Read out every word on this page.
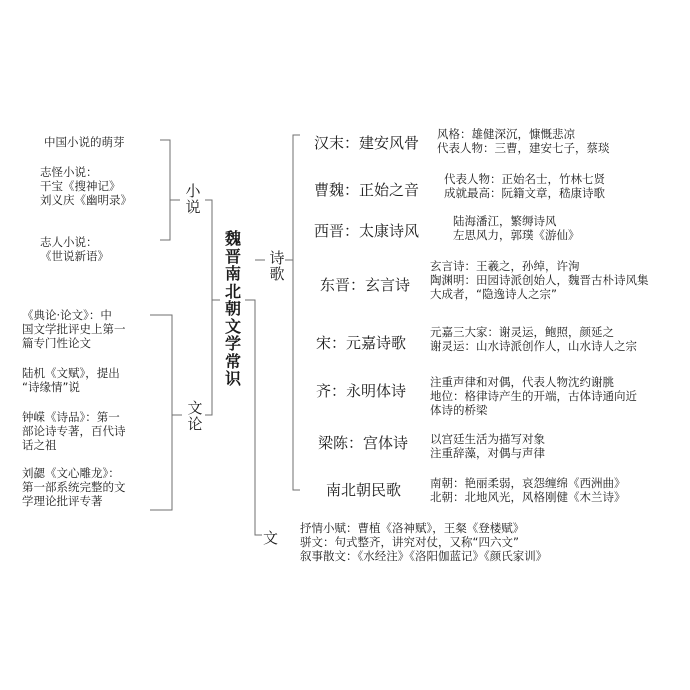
魏晋南北朝文学常识
小说
中国小说的萌芽
志怪小说：
干宝《搜神记》
刘义庆《幽明录》
志人小说：
《世说新语》
文论
《典论·论文》：中
国文学批评史上第一
篇专门性论文
陆机《文赋》，提出
“诗缘情”说
钟嵘《诗品》：第一
部论诗专著，百代诗
话之祖
刘勰《文心雕龙》：
第一部系统完整的文
学理论批评专著
诗歌
汉末：建安风骨 风格：雄健深沉，慷慨悲凉
代表人物：三曹，建安七子，蔡琰
曹魏：正始之音
代表人物：正始名士，竹林七贤
成就最高：阮籍文章，嵇康诗歌
西晋：太康诗风
陆海潘江，繁缛诗风
左思风力，郭璞《游仙》
东晋：玄言诗
玄言诗：王羲之，孙绰，许洵
陶渊明：田园诗派创始人，魏晋古朴诗风集
大成者，“隐逸诗人之宗”
宋：元嘉诗歌
元嘉三大家：谢灵运，鲍照，颜延之
谢灵运：山水诗派创作人，山水诗人之宗
齐：永明体诗 注重声律和对偶，代表人物沈约谢朓
地位：格律诗产生的开端，古体诗通向近
体诗的桥梁
梁陈：宫体诗 以宫廷生活为描写对象
注重辞藻，对偶与声律
南北朝民歌	南朝：艳丽柔弱，哀怨缠绵《西洲曲》
北朝：北地风光，风格刚健《木兰诗》
文
抒情小赋：曹植《洛神赋》，王粲《登楼赋》
骈文：句式整齐，讲究对仗，又称“四六文”
叙事散文：《水经注》《洛阳伽蓝记》《颜氏家训》
